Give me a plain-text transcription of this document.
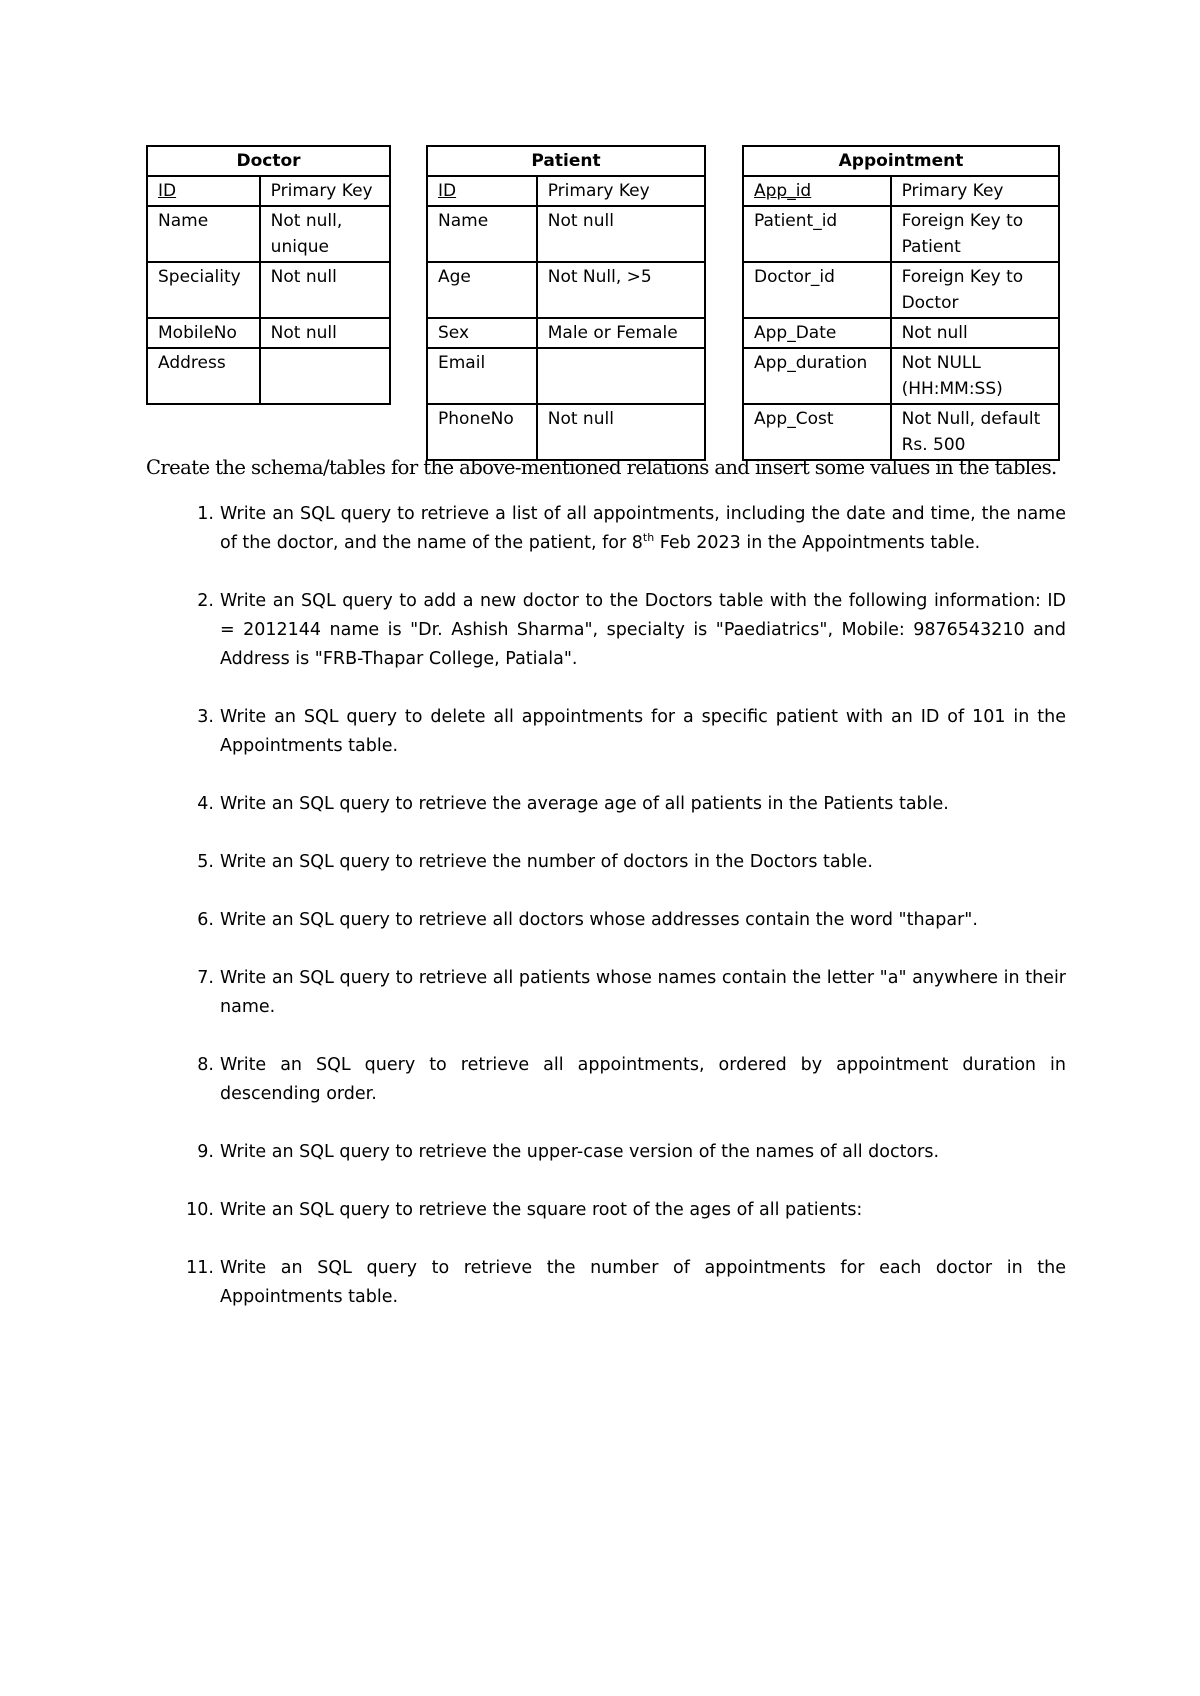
Doctor	
ID	Primary Key
Name	Not null, unique
Speciality	Not null
MobileNo	Not null
Address	
Patient	
ID	Primary Key
Name	Not null
Age	Not Null, >5
Sex	Male or Female
Email	
PhoneNo	Not null
Appointment	
App_id	Primary Key
Patient_id	Foreign Key to Patient
Doctor_id	Foreign Key to Doctor
App_Date	Not null
App_duration	Not NULL (HH:MM:SS)
App_Cost	Not Null, default Rs. 500
Create the schema/tables for the above-mentioned relations and insert some values in the tables.
1 . Write an SQL query to retrieve a list of all appointments, including the date and time, the name of the doctor, and the name of the patient, for 8th Feb 2023 in the Appointments table.
2 . Write an SQL query to add a new doctor to the Doctors table with the following information: ID = 2012144 name is "Dr. Ashish Sharma", specialty is "Paediatrics", Mobile: 9876543210 and Address is "FRB-Thapar College, Patiala".
3 . Write an SQL query to delete all appointments for a specific patient with an ID of 101 in the Appointments table.
4 . Write an SQL query to retrieve the average age of all patients in the Patients table.
5 . Write an SQL query to retrieve the number of doctors in the Doctors table.
6 . Write an SQL query to retrieve all doctors whose addresses contain the word "thapar".
7 . Write an SQL query to retrieve all patients whose names contain the letter "a" anywhere in their name.
8 . Write an SQL query to retrieve all appointments, ordered by appointment duration in descending order.
9 . Write an SQL query to retrieve the upper-case version of the names of all doctors.
10 . Write an SQL query to retrieve the square root of the ages of all patients:
11 . Write an SQL query to retrieve the number of appointments for each doctor in the Appointments table.
